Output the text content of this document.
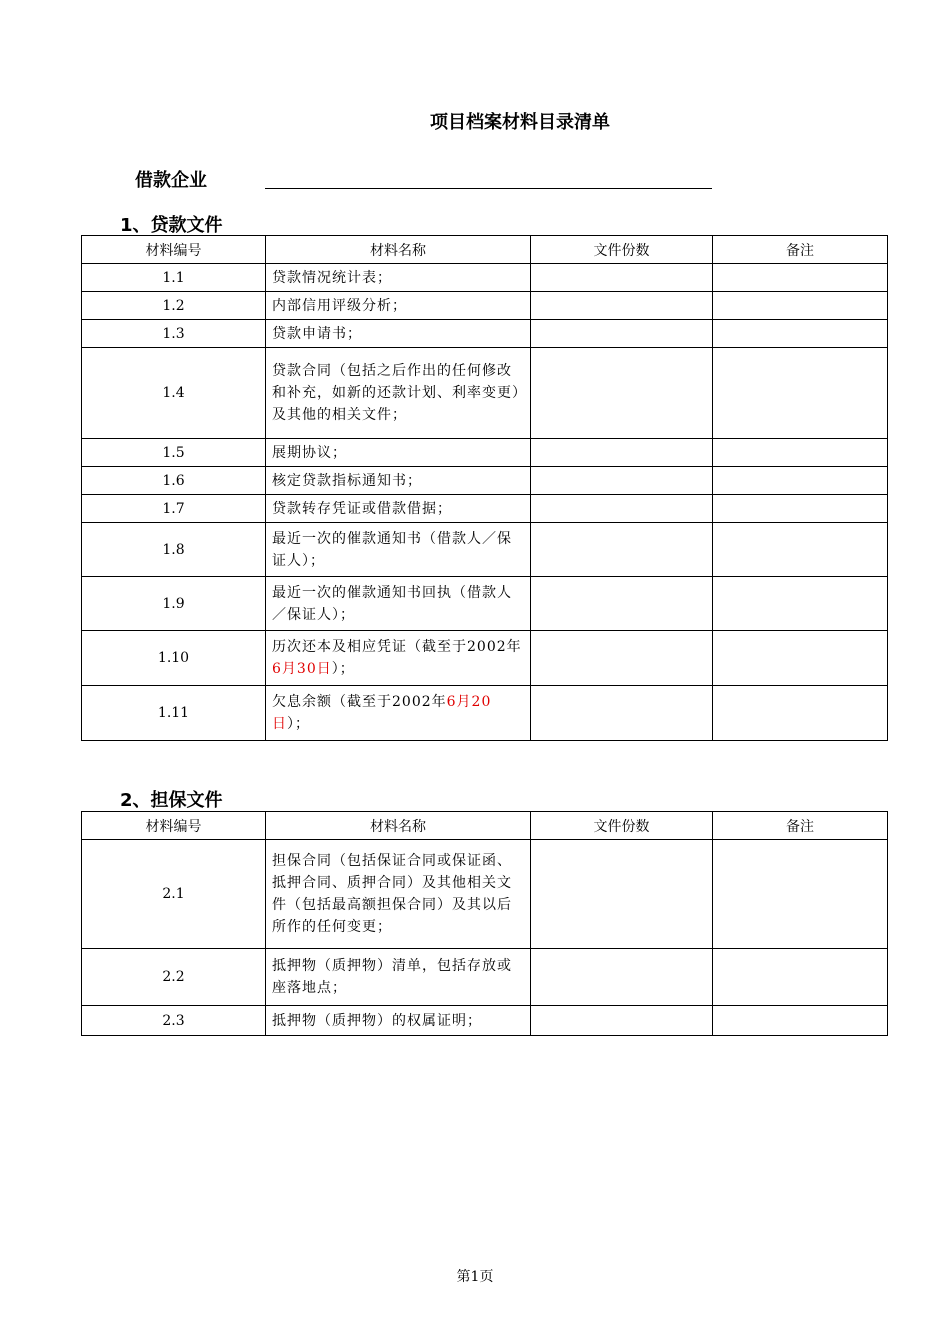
项目档案材料目录清单
借款企业
1、贷款文件
材料编号	材料名称	文件份数	备注
1.1	贷款情况统计表；		
1.2	内部信用评级分析；		
1.3	贷款申请书；		
1.4	贷款合同（包括之后作出的任何修改和补充，如新的还款计划、利率变更）及其他的相关文件；		
1.5	展期协议；		
1.6	核定贷款指标通知书；		
1.7	贷款转存凭证或借款借据；		
1.8	最近一次的催款通知书（借款人／保证人）；		
1.9	最近一次的催款通知书回执（借款人／保证人）；		
1.10	历次还本及相应凭证（截至于2002年6月30日）；		
1.11	欠息余额（截至于2002年6月20日）；		
2、担保文件
材料编号	材料名称	文件份数	备注
2.1	担保合同（包括保证合同或保证函、抵押合同、质押合同）及其他相关文件（包括最高额担保合同）及其以后所作的任何变更；		
2.2	抵押物（质押物）清单，包括存放或座落地点；		
2.3	抵押物（质押物）的权属证明；		
第1页
